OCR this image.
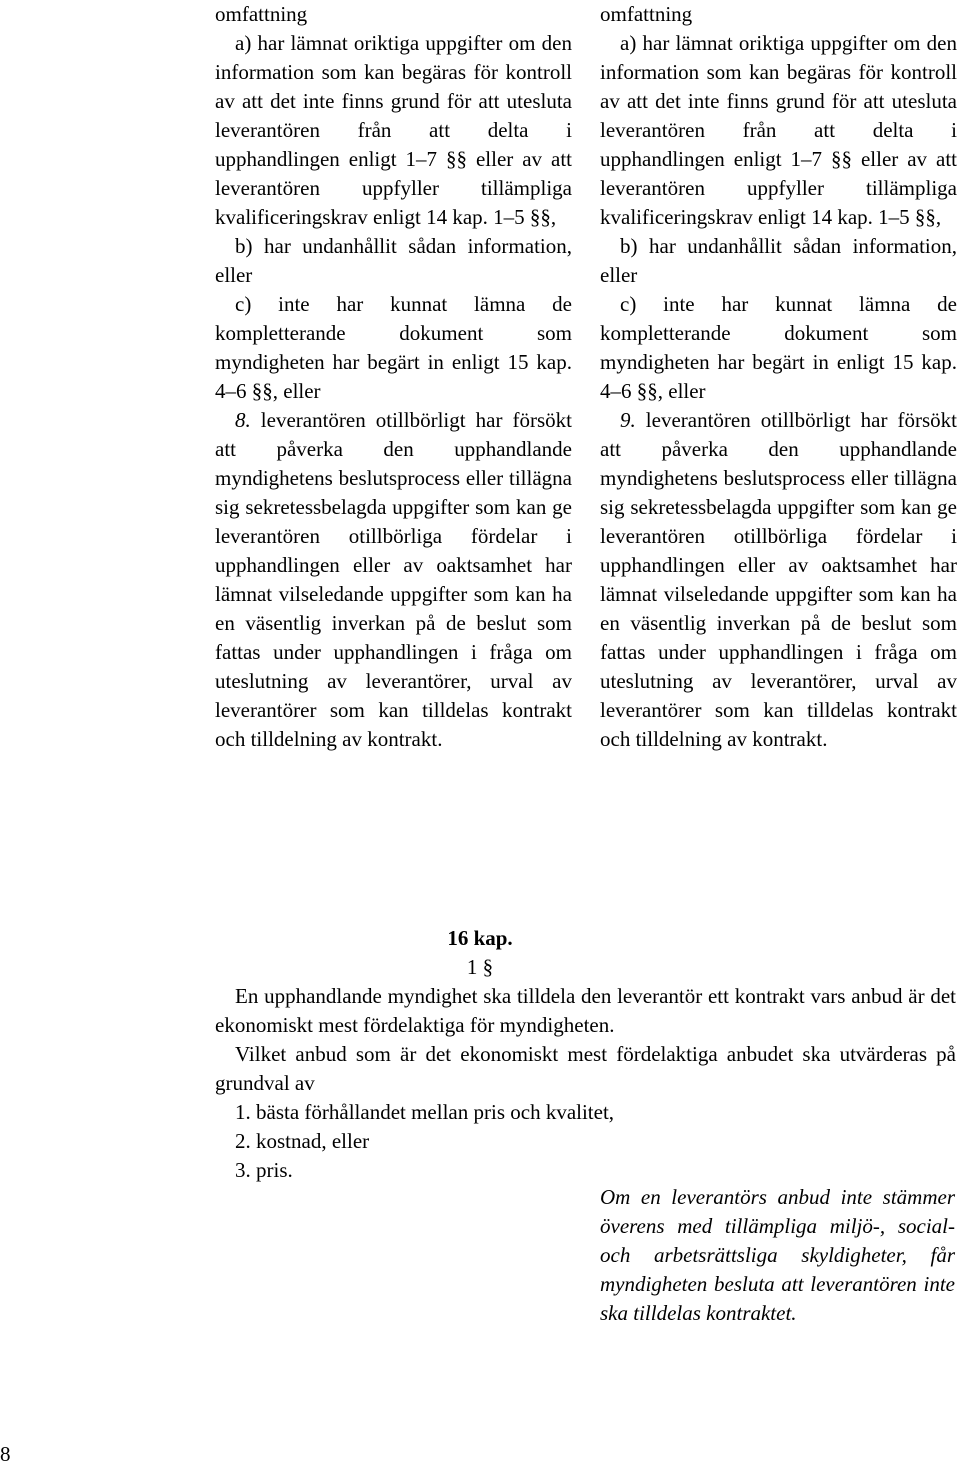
omfattning

a) har lämnat oriktiga uppgifter om den information som kan begäras för kontroll av att det inte finns grund för att utesluta leverantören från att delta i upphandlingen enligt 1–7 §§ eller av att leverantören uppfyller tillämpliga kvalificeringskrav enligt 14 kap. 1–5 §§,

b) har undanhållit sådan information, eller

c) inte har kunnat lämna de kompletterande dokument som myndigheten har begärt in enligt 15 kap. 4–6 §§, eller

8. leverantören otillbörligt har försökt att påverka den upphandlande myndighetens beslutsprocess eller tillägna sig sekretessbelagda uppgifter som kan ge leverantören otillbörliga fördelar i upphandlingen eller av oaktsamhet har lämnat vilseledande uppgifter som kan ha en väsentlig inverkan på de beslut som fattas under upphandlingen i fråga om uteslutning av leverantörer, urval av leverantörer som kan tilldelas kontrakt och tilldelning av kontrakt.

omfattning

a) har lämnat oriktiga uppgifter om den information som kan begäras för kontroll av att det inte finns grund för att utesluta leverantören från att delta i upphandlingen enligt 1–7 §§ eller av att leverantören uppfyller tillämpliga kvalificeringskrav enligt 14 kap. 1–5 §§,

b) har undanhållit sådan information, eller

c) inte har kunnat lämna de kompletterande dokument som myndigheten har begärt in enligt 15 kap. 4–6 §§, eller

9. leverantören otillbörligt har försökt att påverka den upphandlande myndighetens beslutsprocess eller tillägna sig sekretessbelagda uppgifter som kan ge leverantören otillbörliga fördelar i upphandlingen eller av oaktsamhet har lämnat vilseledande uppgifter som kan ha en väsentlig inverkan på de beslut som fattas under upphandlingen i fråga om uteslutning av leverantörer, urval av leverantörer som kan tilldelas kontrakt och tilldelning av kontrakt.

16 kap.
1 §

En upphandlande myndighet ska tilldela den leverantör ett kontrakt vars anbud är det ekonomiskt mest fördelaktiga för myndigheten.

Vilket anbud som är det ekonomiskt mest fördelaktiga anbudet ska utvärderas på grundval av

1. bästa förhållandet mellan pris och kvalitet,

2. kostnad, eller

3. pris.

Om en leverantörs anbud inte stämmer överens med tillämpliga miljö-, social- och arbetsrättsliga skyldigheter, får myndigheten besluta att leverantören inte ska tilldelas kontraktet.
8
